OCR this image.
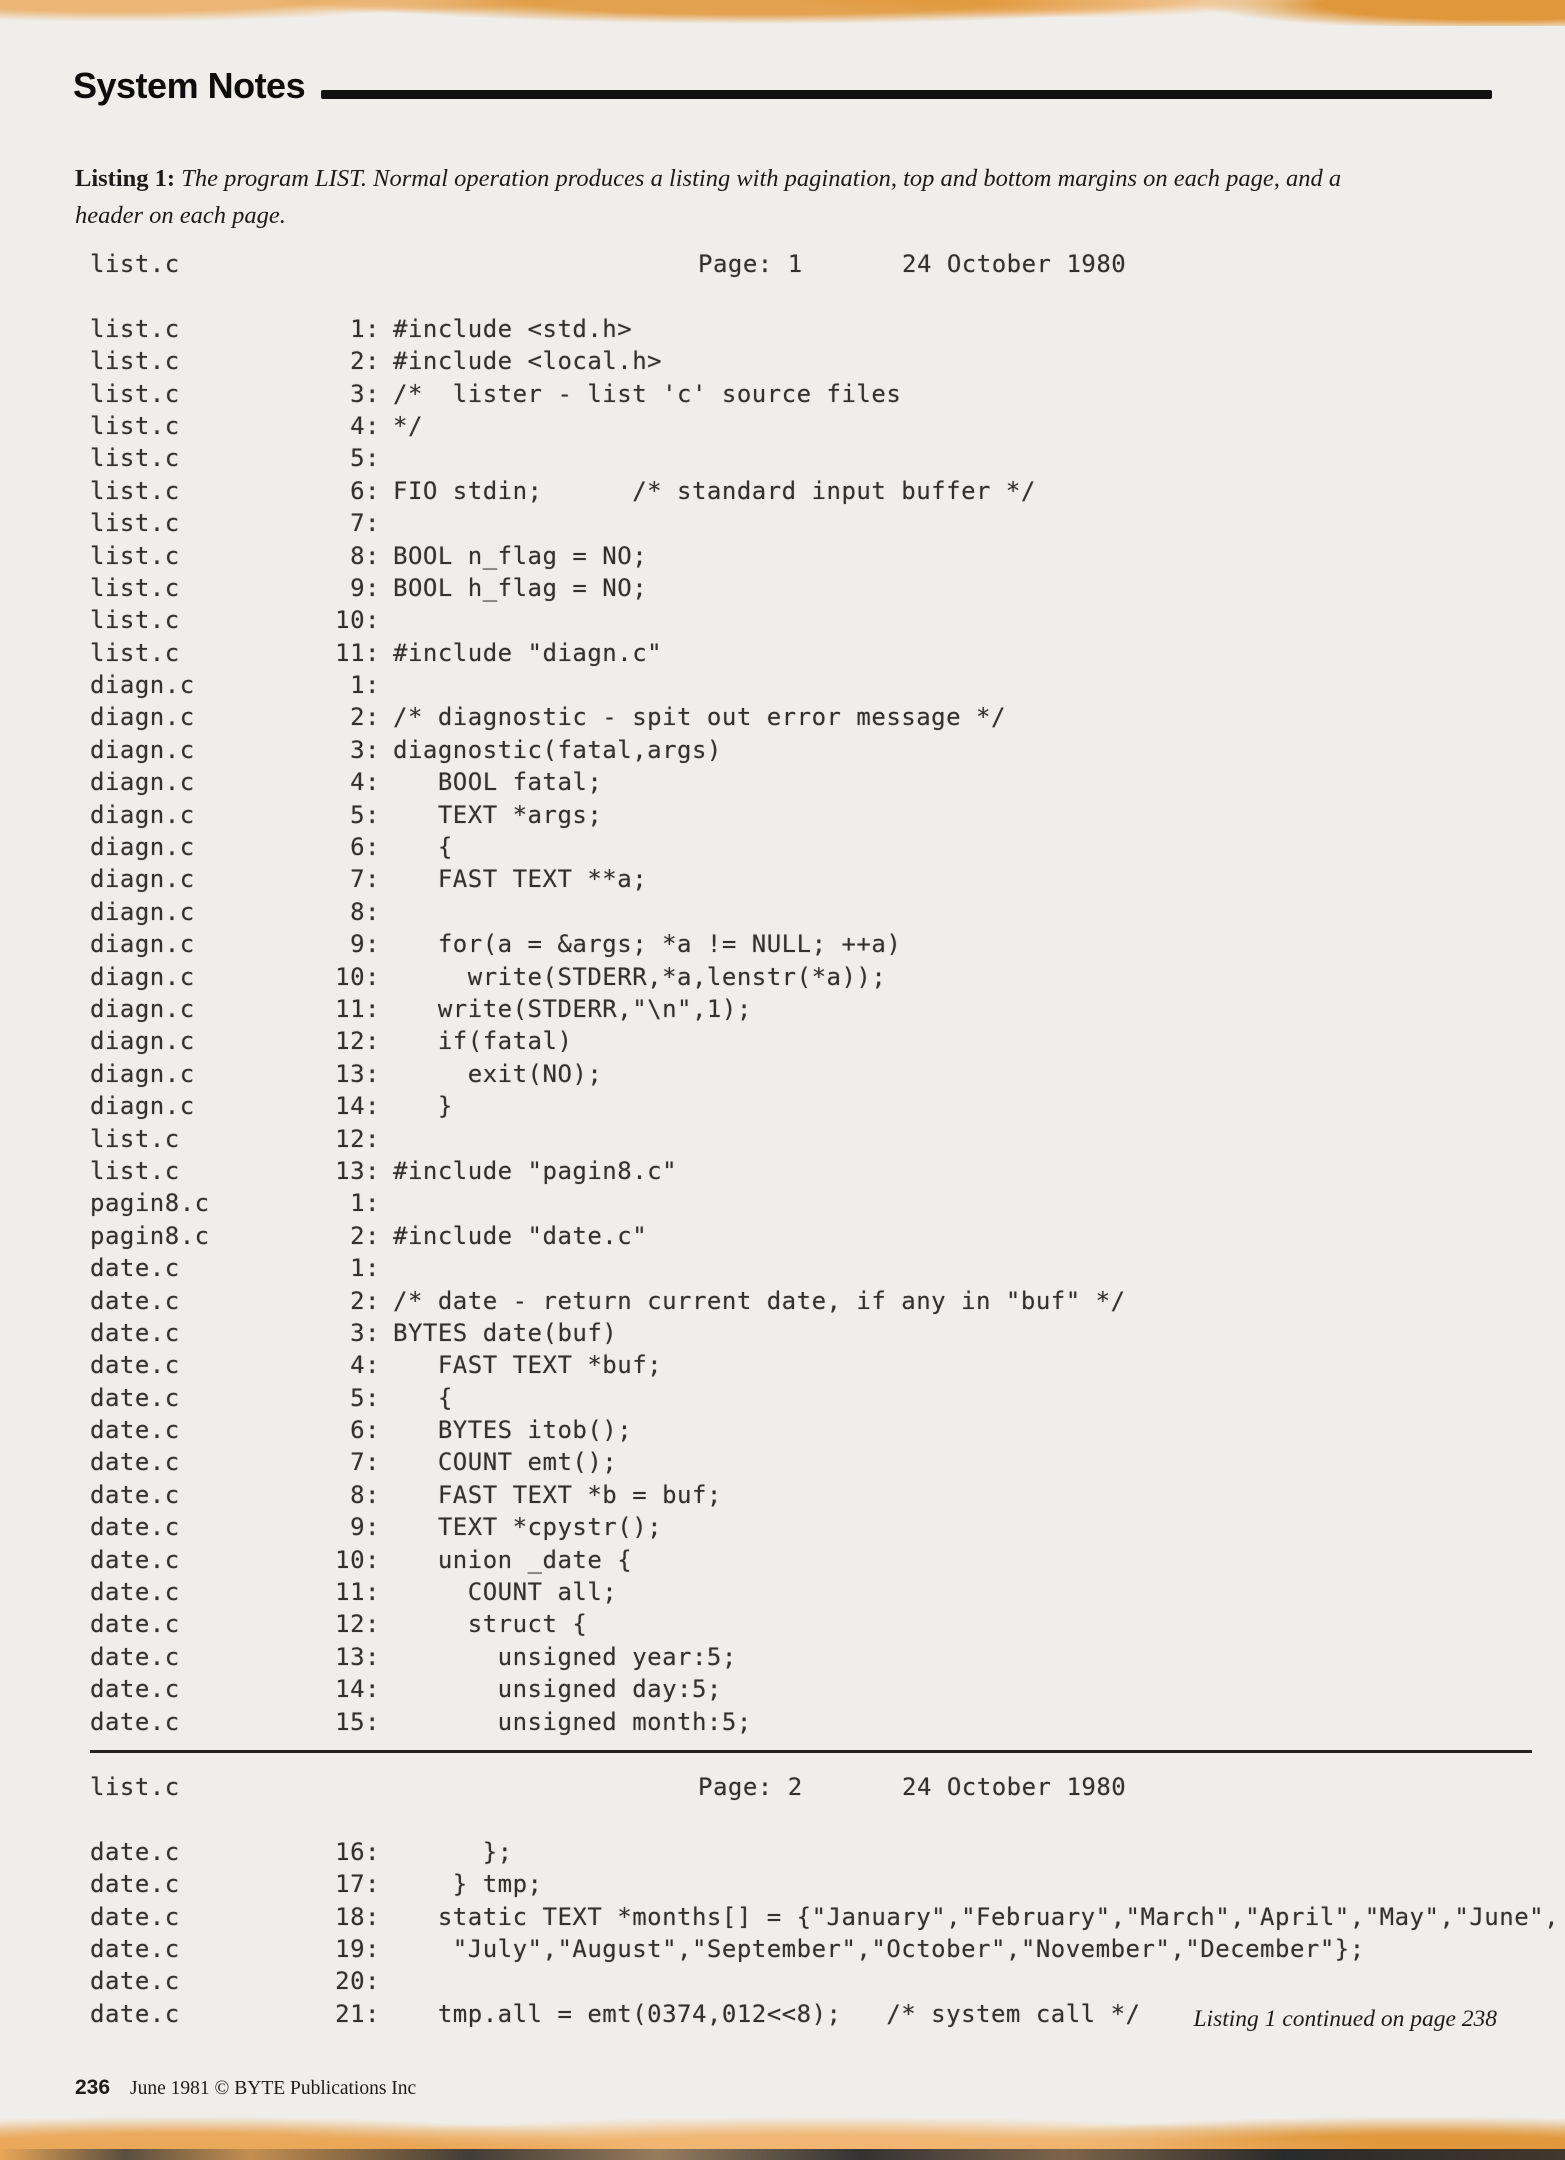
System Notes
Listing 1: The program LIST. Normal operation produces a listing with pagination, top and bottom margins on each page, and a
header on each page.
list.c	Page: 1	24 October 1980
list.c	1: #include <std.h>
list.c	2: #include <local.h>
list.c	3: /*  lister - list 'c' source files
list.c	4: */
list.c	5:
list.c	6: FIO stdin;      /* standard input buffer */
list.c	7:
list.c	8: BOOL n_flag = NO;
list.c	9: BOOL h_flag = NO;
list.c	10:
list.c	11: #include "diagn.c"
diagn.c	1:
diagn.c	2: /* diagnostic - spit out error message */
diagn.c	3: diagnostic(fatal,args)
diagn.c	4: BOOL fatal;
diagn.c	5: TEXT *args;
diagn.c	6: {
diagn.c	7: FAST TEXT **a;
diagn.c	8:
diagn.c	9: for(a = &args; *a != NULL; ++a)
diagn.c	10: write(STDERR,*a,lenstr(*a));
diagn.c	11: write(STDERR,"\n",1);
diagn.c	12: if(fatal)
diagn.c	13: exit(NO);
diagn.c	14: }
list.c	12:
list.c	13: #include "pagin8.c"
pagin8.c	1:
pagin8.c	2: #include "date.c"
date.c	1:
date.c	2: /* date - return current date, if any in "buf" */
date.c	3: BYTES date(buf)
date.c	4: FAST TEXT *buf;
date.c	5: {
date.c	6: BYTES itob();
date.c	7: COUNT emt();
date.c	8: FAST TEXT *b = buf;
date.c	9: TEXT *cpystr();
date.c	10: union _date {
date.c	11: COUNT all;
date.c	12: struct {
date.c	13: unsigned year:5;
date.c	14: unsigned day:5;
date.c	15: unsigned month:5;
list.c	Page: 2	24 October 1980
date.c	16: };
date.c	17: } tmp;
date.c	18: static TEXT *months[] = {"January","February","March","April","May","June",
date.c	19: "July","August","September","October","November","December"};
date.c	20:
date.c	21: tmp.all = emt(0374,012<<8);   /* system call */ Listing 1 continued on page 238
236 June 1981 © BYTE Publications Inc
